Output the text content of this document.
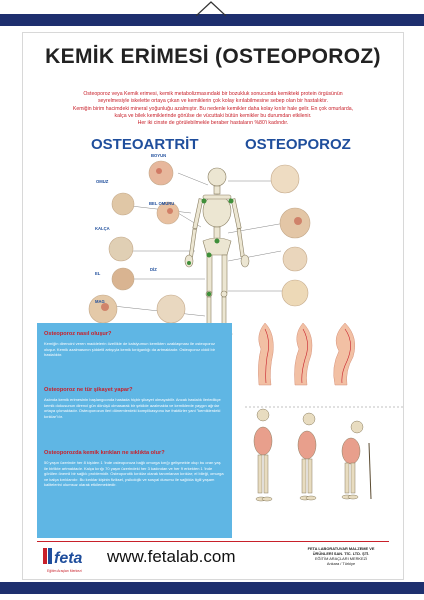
KEMİK ERİMESİ (OSTEOPOROZ)

Osteoporoz veya Kemik erimesi, kemik metabolizmasındaki bir bozukluk sonucunda kemikteki protein örgüsünün

seyrelmesiyle iskelette ortaya çıkan ve kemiklerin çok kolay kırılabilmesine sebep olan bir hastalıktır.

Kemiğin birim hacimdeki mineral yoğunluğu azalmıştır. Bu nedenle kemikler daha kolay kırılır hale gelir. En çok omurlarda,

kalça ve bilek kemiklerinde görülse de vücuttaki bütün kemikler bu durumdan etkilenir.

Her iki cinste de görülebilmekle beraber hastaların %80'i kadındır.

OSTEOARTRİT	OSTEOPOROZ
BOYUN
OMUZ
BEL OMURU
KALÇA
DİZ
EL
MAG
Osteoporoz nasıl oluşur?
Kemiğin direncini veren maddelerin özellikle de kalsiyumun kemikten uzaklaşması ile osteoporoz oluşur. Kemik azalmasının şiddetli artışıyla kemik kırılganlığı da artmaktadır. Osteoporoz ciddi bir hastalıktır.
Osteoporoz ne tür şikayet yapar?
Aslında kemik erimesinin başlangıcında hastada hiçbir şikayet olmayabilir. Ancak hastalık ilerledikçe kemik dokusunun direnci gün dönüşü olmasarak bir şekilde azalmakta ve kemiklerde yaygın ağrılar ortaya çıkmaktadır. Osteoporozun ileri dönemlerdeki komplikasyonu ise fraktürler yani "kemiklerdeki kırıklar"dır.
Osteoporozda kemik kırıkları ne sıklıkta olur?
50 yaşın üzerinde her 8 kişiden 1 'inde osteoporoza bağlı omurga kırığı gelişmekte olup bu oran yaş ile birlikte artmaktadır. Kalça kırığı 70 yaşın üzerindeki her 3 kadından ve her 9 erkekten 1 'inde görülen önemli bir sağlık problemidir. Osteoporotik kırıklar olarak tanımlanan kırıklar; el bileği, omurga ve kalça kırıklarıdır. Bu kırıklar kişinin fiziksel, psikolojik ve sosyal durumu ile sağlıkla ilgili yaşam kalitelerini olumsuz olarak etkilemektedir.
feta
Eğitim Araçları Merkezi
www.fetalab.com	FETA LABORATUVAR MALZEME VE
ÜRÜNLERİ SAN. TİC. LTD. ŞTİ.
EĞİTİM ARAÇLARI MERKEZİ
Ankara / Türkiye
